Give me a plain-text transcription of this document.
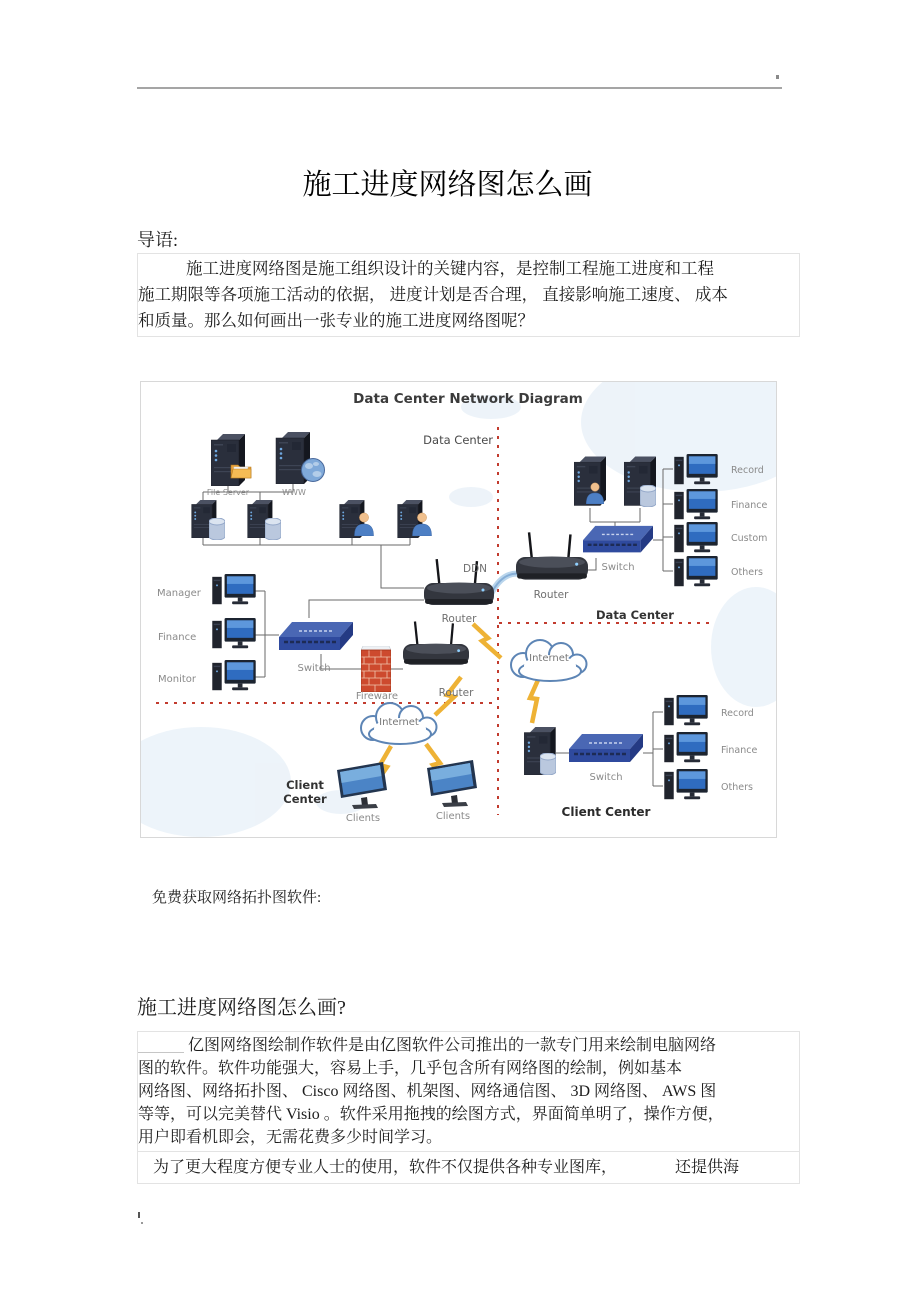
施工进度网络图怎么画
导语:
施工进度网络图是施工组织设计的关键内容，是控制工程施工进度和工程
施工期限等各项施工活动的依据， 进度计划是否合理， 直接影响施工速度、 成本
和质量。那么如何画出一张专业的施工进度网络图呢？
Data Center Network Diagram
Data Center
File Server	WWW
Manager
Finance
Monitor
Switch
DDN
Router
Router
Switch
Record
Finance
Custom
Others
Data Center
Router
Fireware
Internet
Internet
Client
Center
Clients	Clients
Switch
Record
Finance
Others
Client Center
免费获取网络拓扑图软件:
施工进度网络图怎么画?
亿图网络图绘制作软件是由亿图软件公司推出的一款专门用来绘制电脑网络
图的软件。软件功能强大，容易上手，几乎包含所有网络图的绘制，例如基本
网络图、网络拓扑图、 Cisco 网络图、机架图、网络通信图、 3D 网络图、 AWS 图
等等，可以完美替代 Visio 。软件采用拖拽的绘图方式，界面简单明了，操作方便，
用户即看机即会，无需花费多少时间学习。
为了更大程度方便专业人士的使用，软件不仅提供各种专业图库，	还提供海
